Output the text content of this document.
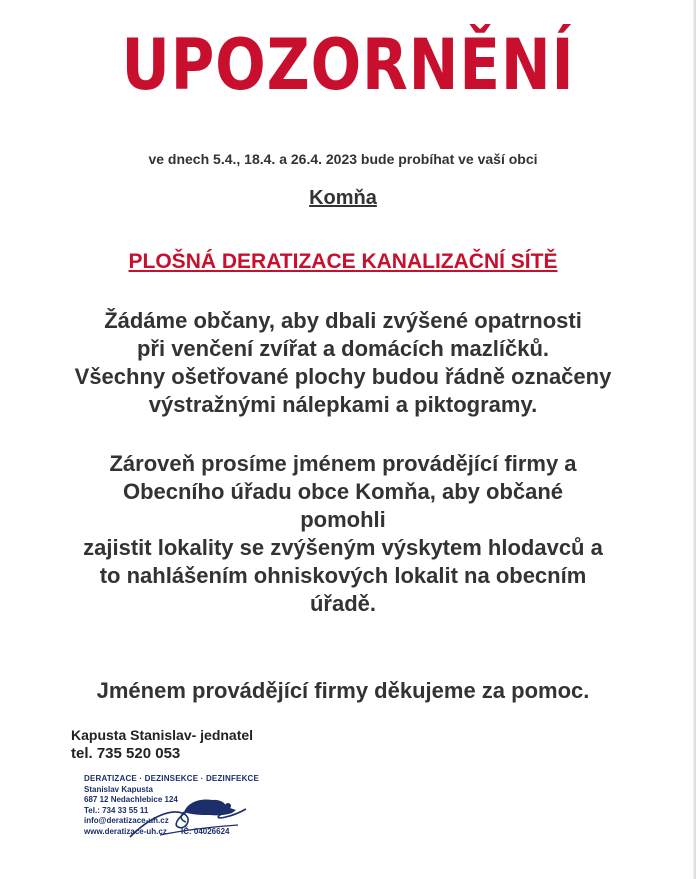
UPOZORNĚNÍ
ve dnech 5.4., 18.4. a 26.4. 2023 bude probíhat ve vaší obci
Komňa
PLOŠNÁ DERATIZACE KANALIZAČNÍ SÍTĚ
Žádáme občany, aby dbali zvýšené opatrnosti
při venčení zvířat a domácích mazlíčků.
Všechny ošetřované plochy budou řádně označeny
výstražnými nálepkami a piktogramy.
Zároveň prosíme jménem provádějící firmy a
Obecního úřadu obce Komňa, aby občané
pomohli
zajistit lokality se zvýšeným výskytem hlodavců a
to nahlášením ohniskových lokalit na obecním
úřadě.
Jménem provádějící firmy děkujeme za pomoc.
Kapusta Stanislav- jednatel
tel. 735 520 053
DERATIZACE · DEZINSEKCE · DEZINFEKCE
Stanislav Kapusta
687 12 Nedachlebice 124
Tel.: 734 33 55 11
info@deratizace-uh.cz
www.deratizace-uh.cz	IČ: 04026624
